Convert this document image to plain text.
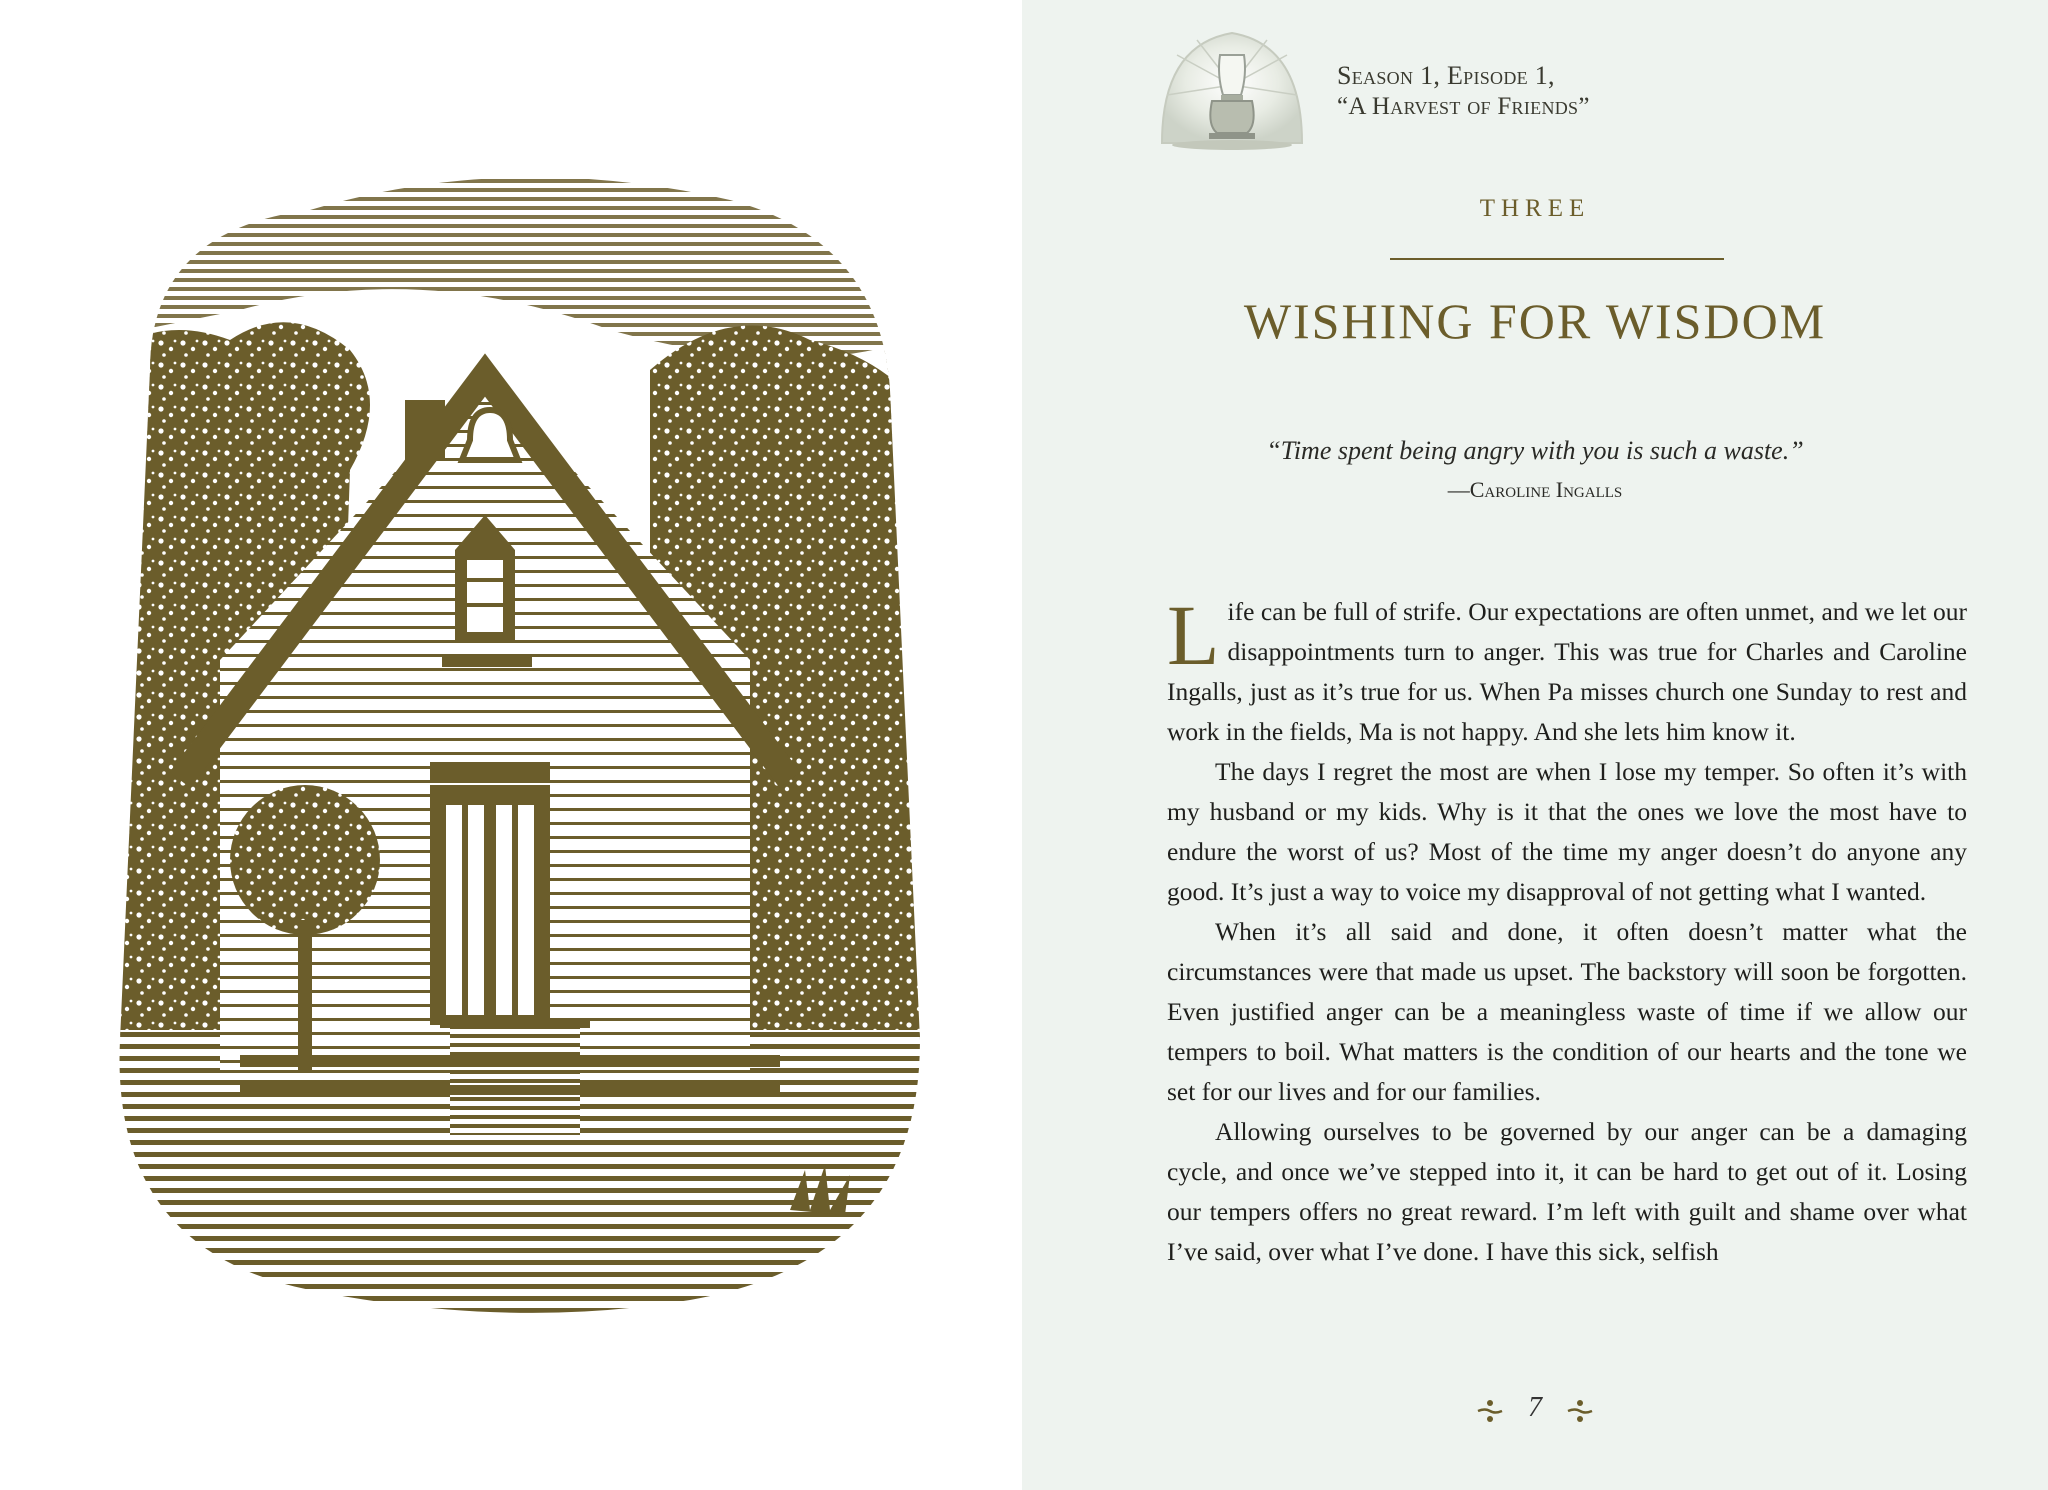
Season 1, Episode 1,
“A Harvest of Friends”
THREE
WISHING FOR WISDOM
“Time spent being angry with you is such a waste.”
—Caroline Ingalls

Life can be full of strife. Our expectations are often unmet, and we let our disappointments turn to anger. This was true for Charles and Caroline Ingalls, just as it’s true for us. When Pa misses church one Sunday to rest and work in the fields, Ma is not happy. And she lets him know it.

The days I regret the most are when I lose my temper. So often it’s with my husband or my kids. Why is it that the ones we love the most have to endure the worst of us? Most of the time my anger doesn’t do anyone any good. It’s just a way to voice my disapproval of not getting what I wanted.

When it’s all said and done, it often doesn’t matter what the circumstances were that made us upset. The backstory will soon be forgotten. Even justified anger can be a meaningless waste of time if we allow our tempers to boil. What matters is the condition of our hearts and the tone we set for our lives and for our families.

Allowing ourselves to be governed by our anger can be a damaging cycle, and once we’ve stepped into it, it can be hard to get out of it. Losing our tempers offers no great reward. I’m left with guilt and shame over what I’ve said, over what I’ve done. I have this sick, selfish

7
